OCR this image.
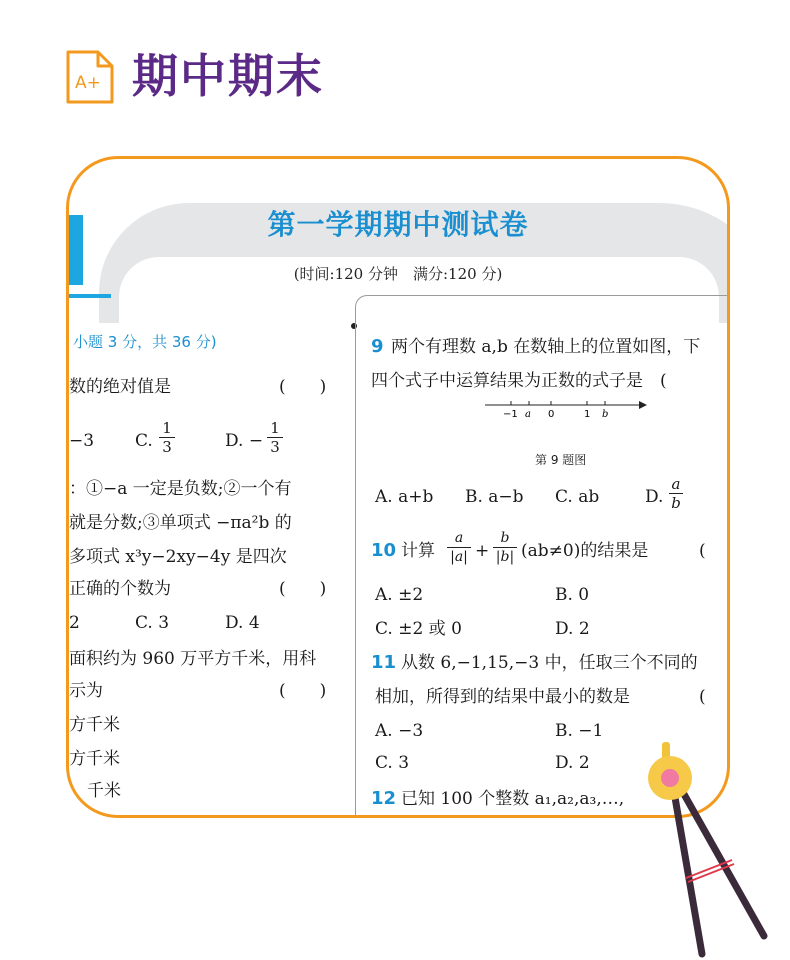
A+ 期中期末
第一学期期中测试卷
(时间:120 分钟　满分:120 分)
小题 3 分，共 36 分)
数的绝对值是	(　　)
−3 C.
1
3	D. −
1
3
：①−a 一定是负数;②一个有
就是分数;③单项式 −πa²b 的
多项式 x³y−2xy−4y 是四次
正确的个数为	(　　)
2	C. 3	D. 4
面积约为 960 万平方千米，用科
示为	(　　)
方千米
方千米
千米
9 两个有理数 a,b 在数轴上的位置如图，下
四个式子中运算结果为正数的式子是　(
−1 a 0	1 b
第 9 题图
A. a+b B. a−b C. ab	D.
a
b
10 计算
a
|a| +
b
|b| (ab≠0)的结果是	(
A. ±2	B. 0
C. ±2 或 0	D. 2
11 从数 6,−1,15,−3 中，任取三个不同的
相加，所得到的结果中最小的数是	(
A. −3	B. −1
C. 3	D. 2
12 已知 100 个整数 a₁,a₂,a₃,…,
